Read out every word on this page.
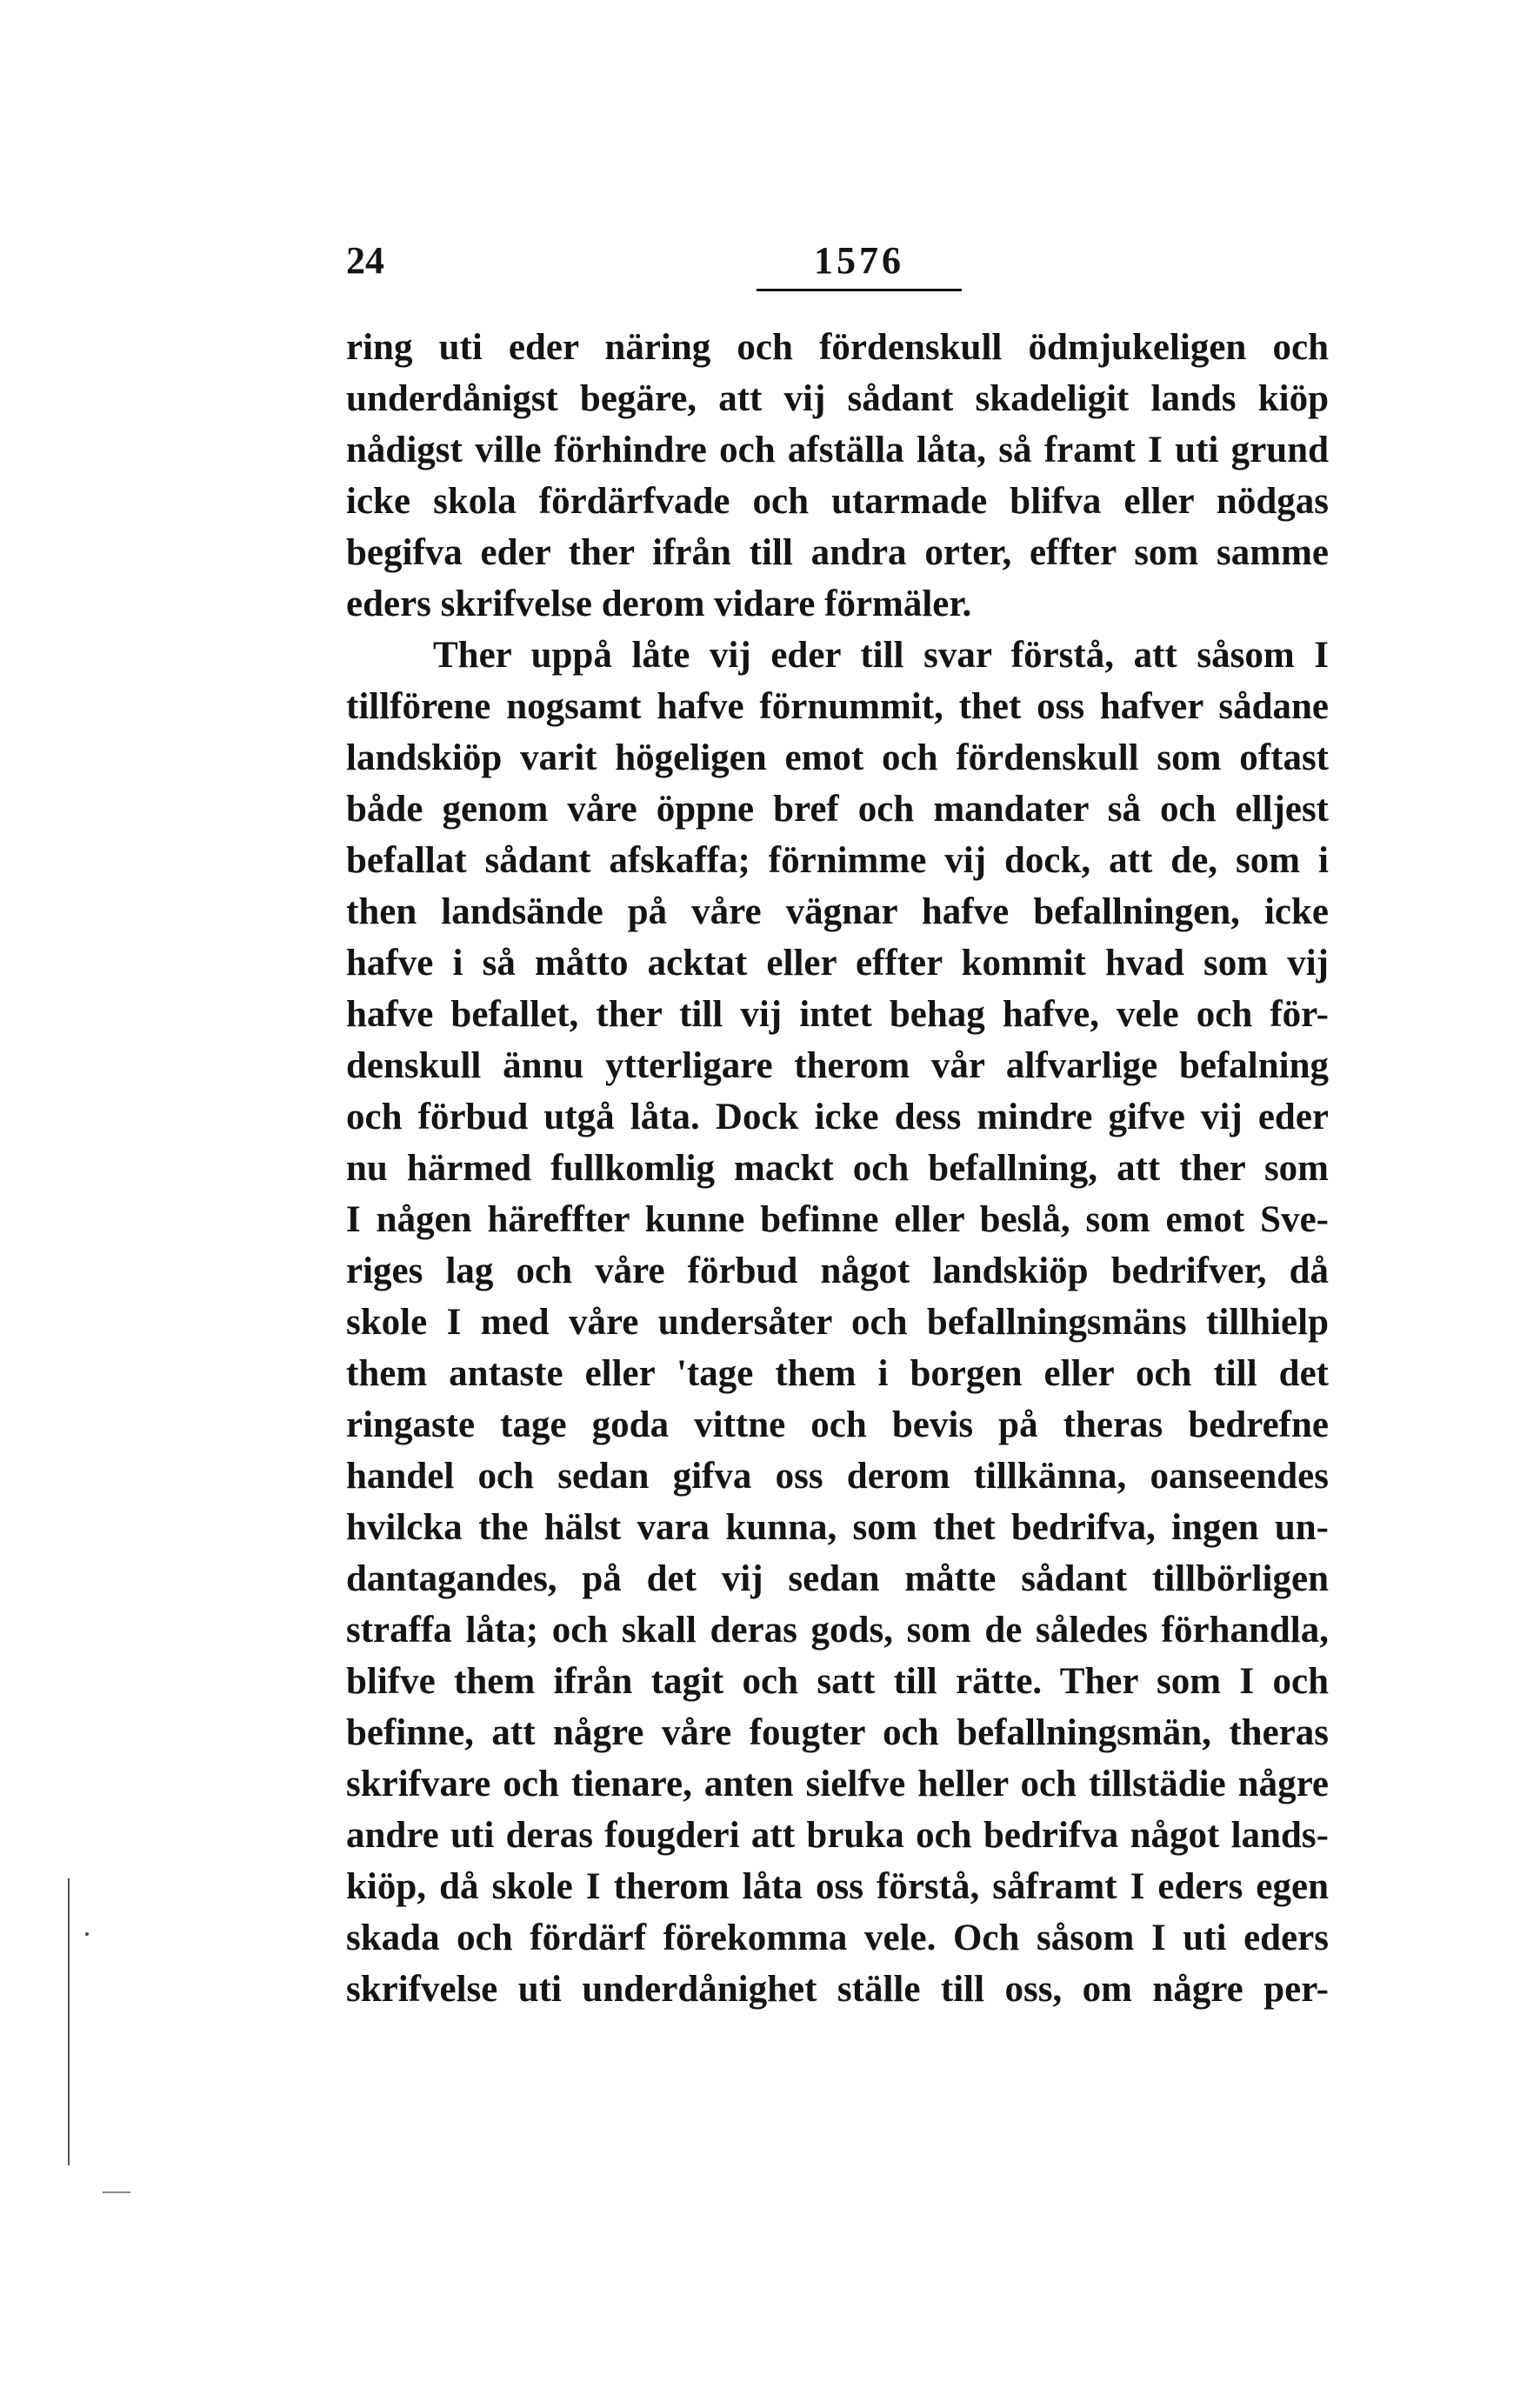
24	1576
ring uti eder näring och fördenskull ödmjukeligen och
underdånigst begäre, att vij sådant skadeligit lands kiöp
nådigst ville förhindre och afställa låta, så framt I uti grund
icke skola fördärfvade och utarmade blifva eller nödgas
begifva eder ther ifrån till andra orter, effter som samme
eders skrifvelse derom vidare förmäler.
Ther uppå låte vij eder till svar förstå, att såsom I
tillförene nogsamt hafve förnummit, thet oss hafver sådane
landskiöp varit högeligen emot och fördenskull som oftast
både genom våre öppne bref och mandater så och elljest
befallat sådant afskaffa; förnimme vij dock, att de, som i
then landsände på våre vägnar hafve befallningen, icke
hafve i så måtto acktat eller effter kommit hvad som vij
hafve befallet, ther till vij intet behag hafve, vele och för-
denskull ännu ytterligare therom vår alfvarlige befalning
och förbud utgå låta. Dock icke dess mindre gifve vij eder
nu härmed fullkomlig mackt och befallning, att ther som
I någen häreffter kunne befinne eller beslå, som emot Sve-
riges lag och våre förbud något landskiöp bedrifver, då
skole I med våre undersåter och befallningsmäns tillhielp
them antaste eller 'tage them i borgen eller och till det
ringaste tage goda vittne och bevis på theras bedrefne
handel och sedan gifva oss derom tillkänna, oanseendes
hvilcka the hälst vara kunna, som thet bedrifva, ingen un-
dantagandes, på det vij sedan måtte sådant tillbörligen
straffa låta; och skall deras gods, som de således förhandla,
blifve them ifrån tagit och satt till rätte. Ther som I och
befinne, att någre våre fougter och befallningsmän, theras
skrifvare och tienare, anten sielfve heller och tillstädie någre
andre uti deras fougderi att bruka och bedrifva något lands-
kiöp, då skole I therom låta oss förstå, såframt I eders egen
skada och fördärf förekomma vele. Och såsom I uti eders
skrifvelse uti underdånighet ställe till oss, om någre per-
